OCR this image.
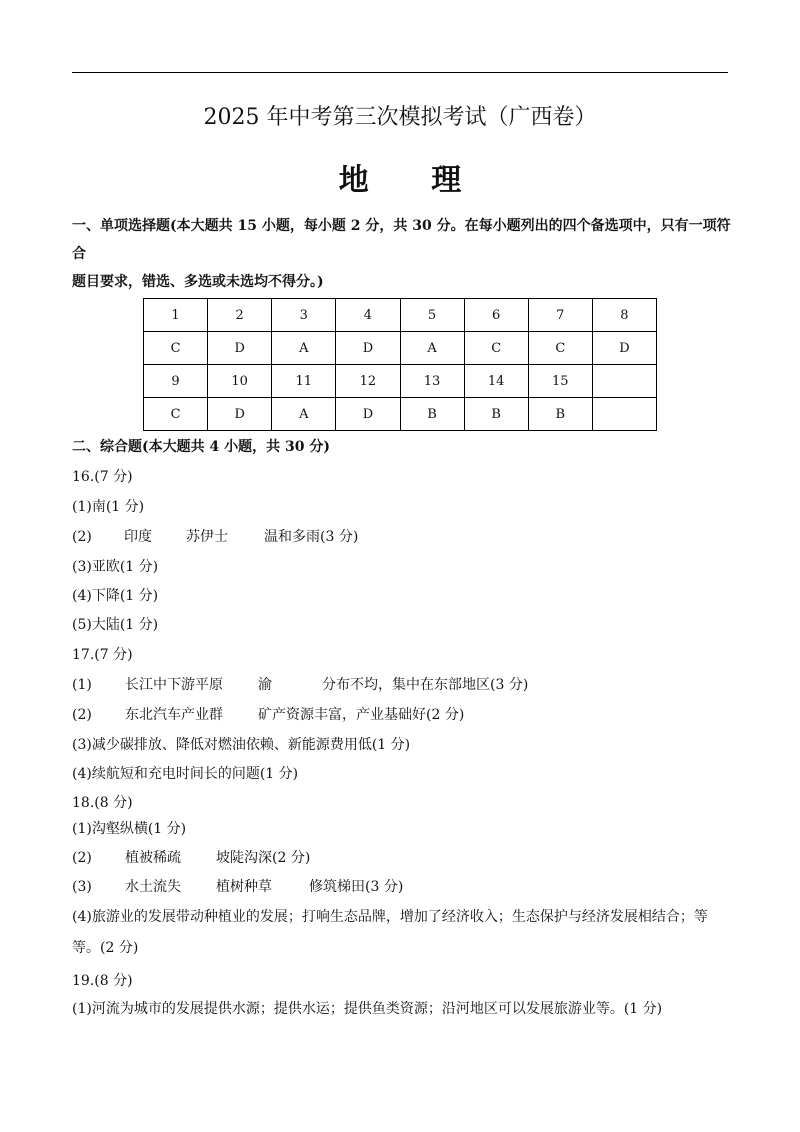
2025 年中考第三次模拟考试（广西卷）
地 理
一、单项选择题(本大题共 15 小题，每小题 2 分，共 30 分。在每小题列出的四个备选项中，只有一项符合
题目要求，错选、多选或未选均不得分。)
1	2	3	4	5	6	7	8
C	D	A	D	A	C	C	D
9	10	11	12	13	14	15	
C	D	A	D	B	B	B	
二、综合题(本大题共 4 小题，共 30 分)
16.(7 分)
(1)南(1 分)
(2) 印度 苏伊士	温和多雨(3 分)
(3)亚欧(1 分)
(4)下降(1 分)
(5)大陆(1 分)
17.(7 分)
(1) 长江中下游平原	渝	分布不均，集中在东部地区(3 分)
(2) 东北汽车产业群	矿产资源丰富，产业基础好(2 分)
(3)减少碳排放、降低对燃油依赖、新能源费用低(1 分)
(4)续航短和充电时间长的问题(1 分)
18.(8 分)
(1)沟壑纵横(1 分)
(2) 植被稀疏	坡陡沟深(2 分)
(3) 水土流失	植树种草	修筑梯田(3 分)
(4)旅游业的发展带动种植业的发展；打响生态品牌，增加了经济收入；生态保护与经济发展相结合；等
等。(2 分)
19.(8 分)
(1)河流为城市的发展提供水源；提供水运；提供鱼类资源；沿河地区可以发展旅游业等。(1 分)
